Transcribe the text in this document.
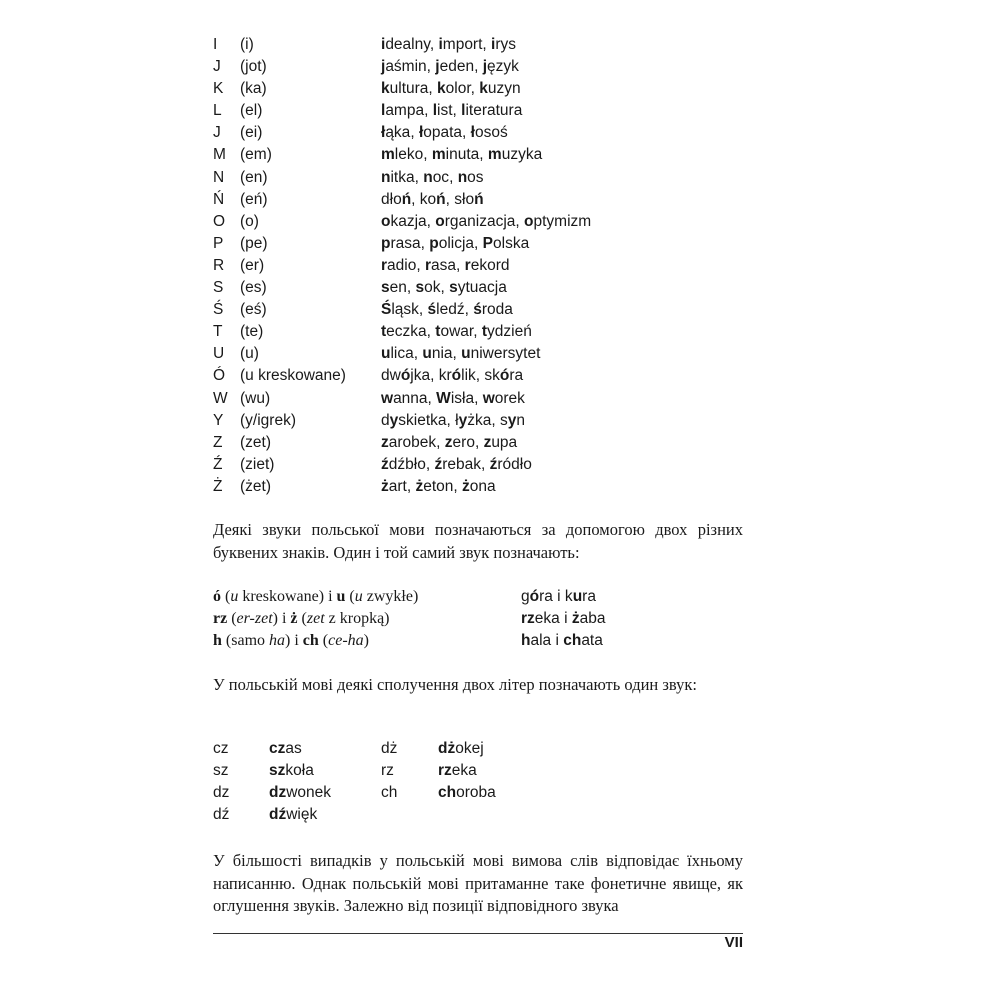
I (i)	idealny, import, irys
J (jot)	jaśmin, jeden, język
K (ka)	kultura, kolor, kuzyn
L (el)	lampa, list, literatura
J (ei)	łąka, łopata, łosoś
M (em)	mleko, minuta, muzyka
N (en)	nitka, noc, nos
Ń (eń)	dłoń, koń, słoń
O (o)	okazja, organizacja, optymizm
P (pe)	prasa, policja, Polska
R (er)	radio, rasa, rekord
S (es)	sen, sok, sytuacja
Ś (eś)	Śląsk, śledź, środa
T (te)	teczka, towar, tydzień
U (u)	ulica, unia, uniwersytet
Ó (u kreskowane) dwójka, królik, skóra
W (wu)	wanna, Wisła, worek
Y (y/igrek)	dyskietka, łyżka, syn
Z (zet)	zarobek, zero, zupa
Ź (ziet)	źdźbło, źrebak, źródło
Ż (żet)	żart, żeton, żona
Деякі звуки польської мови позначаються за допомогою двох різних буквених знаків. Один і той самий звук позначають:
ó (u kreskowane) і u (u zwykłe)	góra i kura
rz (er-zet) і ż (zet z kropką)	rzeka i żaba
h (samo ha) і ch (ce-ha)	hala i chata
У польській мові деякі сполучення двох літер позначають один звук:
cz	czas	dż	dżokej
sz	szkoła	rz	rzeka
dz	dzwonek	ch	choroba
dź	dźwięk
У більшості випадків у польській мові вимова слів відповідає їхньому написанню. Однак польській мові притаманне таке фонетичне явище, як оглушення звуків. Залежно від позиції відповідного звука
VII
